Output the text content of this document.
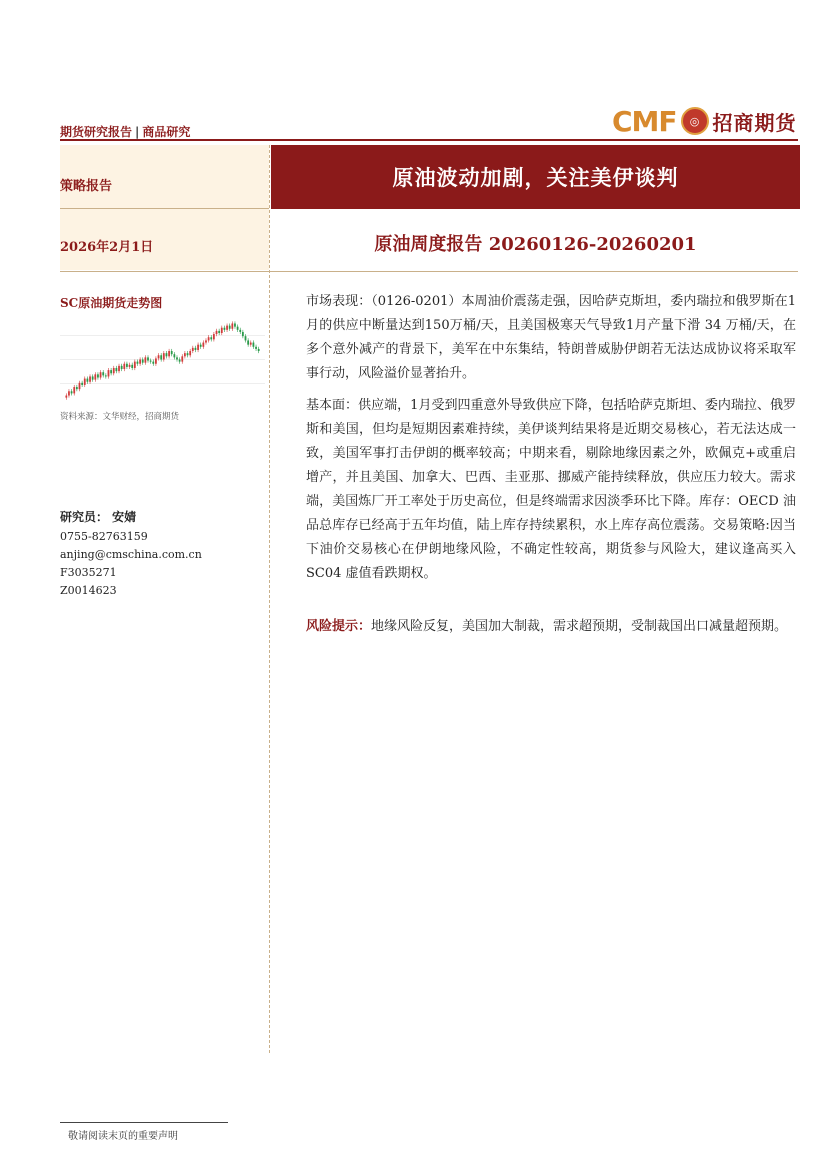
期货研究报告 | 商品研究	CMF	◎ 招商期货
策略报告	原油波动加剧，关注美伊谈判
2026年2月1日	原油周度报告 20260126-20260201
SC原油期货走势图
资料来源：文华财经，招商期货
研究员： 安婧
0755-82763159
anjing@cmschina.com.cn
F3035271
Z0014623
市场表现：（0126-0201）本周油价震荡走强，因哈萨克斯坦，委内瑞拉和俄罗斯在1月的供应中断量达到150万桶/天，且美国极寒天气导致1月产量下滑 34 万桶/天，在多个意外减产的背景下，美军在中东集结，特朗普威胁伊朗若无法达成协议将采取军事行动，风险溢价显著抬升。
基本面：供应端，1月受到四重意外导致供应下降，包括哈萨克斯坦、委内瑞拉、俄罗斯和美国，但均是短期因素难持续，美伊谈判结果将是近期交易核心，若无法达成一致，美国军事打击伊朗的概率较高；中期来看，剔除地缘因素之外，欧佩克+或重启增产，并且美国、加拿大、巴西、圭亚那、挪威产能持续释放，供应压力较大。需求端，美国炼厂开工率处于历史高位，但是终端需求因淡季环比下降。库存：OECD 油品总库存已经高于五年均值，陆上库存持续累积，水上库存高位震荡。交易策略:因当下油价交易核心在伊朗地缘风险，不确定性较高，期货参与风险大，建议逢高买入 SC04 虚值看跌期权。
风险提示：地缘风险反复，美国加大制裁，需求超预期，受制裁国出口减量超预期。
敬请阅读末页的重要声明
